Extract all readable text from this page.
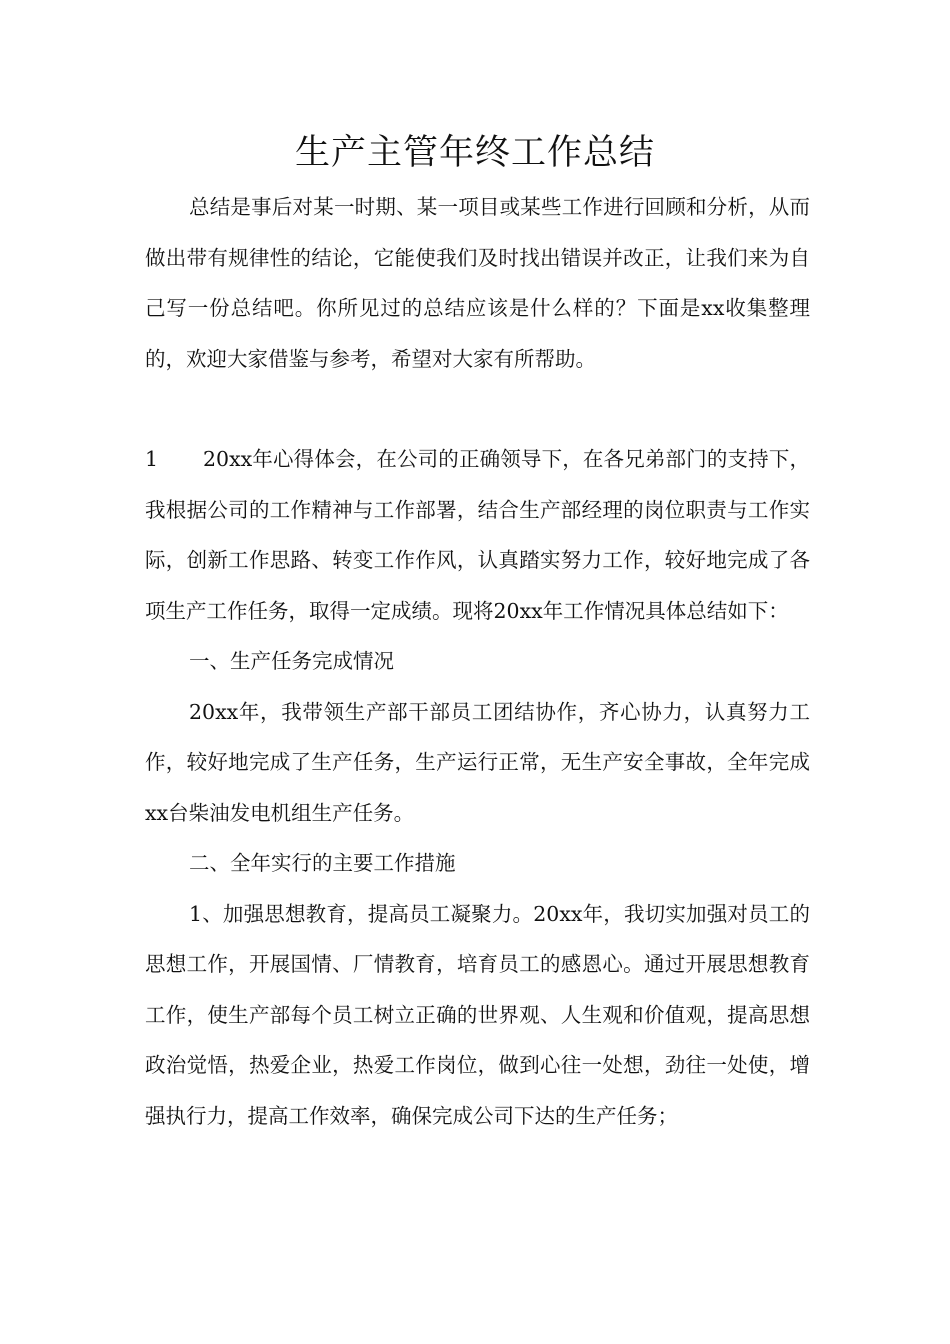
生产主管年终工作总结

总结是事后对某一时期、某一项目或某些工作进行回顾和分析，从而做出带有规律性的结论，它能使我们及时找出错误并改正，让我们来为自己写一份总结吧。你所见过的总结应该是什么样的？下面是xx收集整理的，欢迎大家借鉴与参考，希望对大家有所帮助。

1 20xx年心得体会，在公司的正确领导下，在各兄弟部门的支持下，我根据公司的工作精神与工作部署，结合生产部经理的岗位职责与工作实际，创新工作思路、转变工作作风，认真踏实努力工作，较好地完成了各项生产工作任务，取得一定成绩。现将20xx年工作情况具体总结如下：

一、生产任务完成情况

20xx年，我带领生产部干部员工团结协作，齐心协力，认真努力工作，较好地完成了生产任务，生产运行正常，无生产安全事故，全年完成xx台柴油发电机组生产任务。

二、全年实行的主要工作措施

1、加强思想教育，提高员工凝聚力。20xx年，我切实加强对员工的思想工作，开展国情、厂情教育，培育员工的感恩心。通过开展思想教育工作，使生产部每个员工树立正确的世界观、人生观和价值观，提高思想政治觉悟，热爱企业，热爱工作岗位，做到心往一处想，劲往一处使，增强执行力，提高工作效率，确保完成公司下达的生产任务；
